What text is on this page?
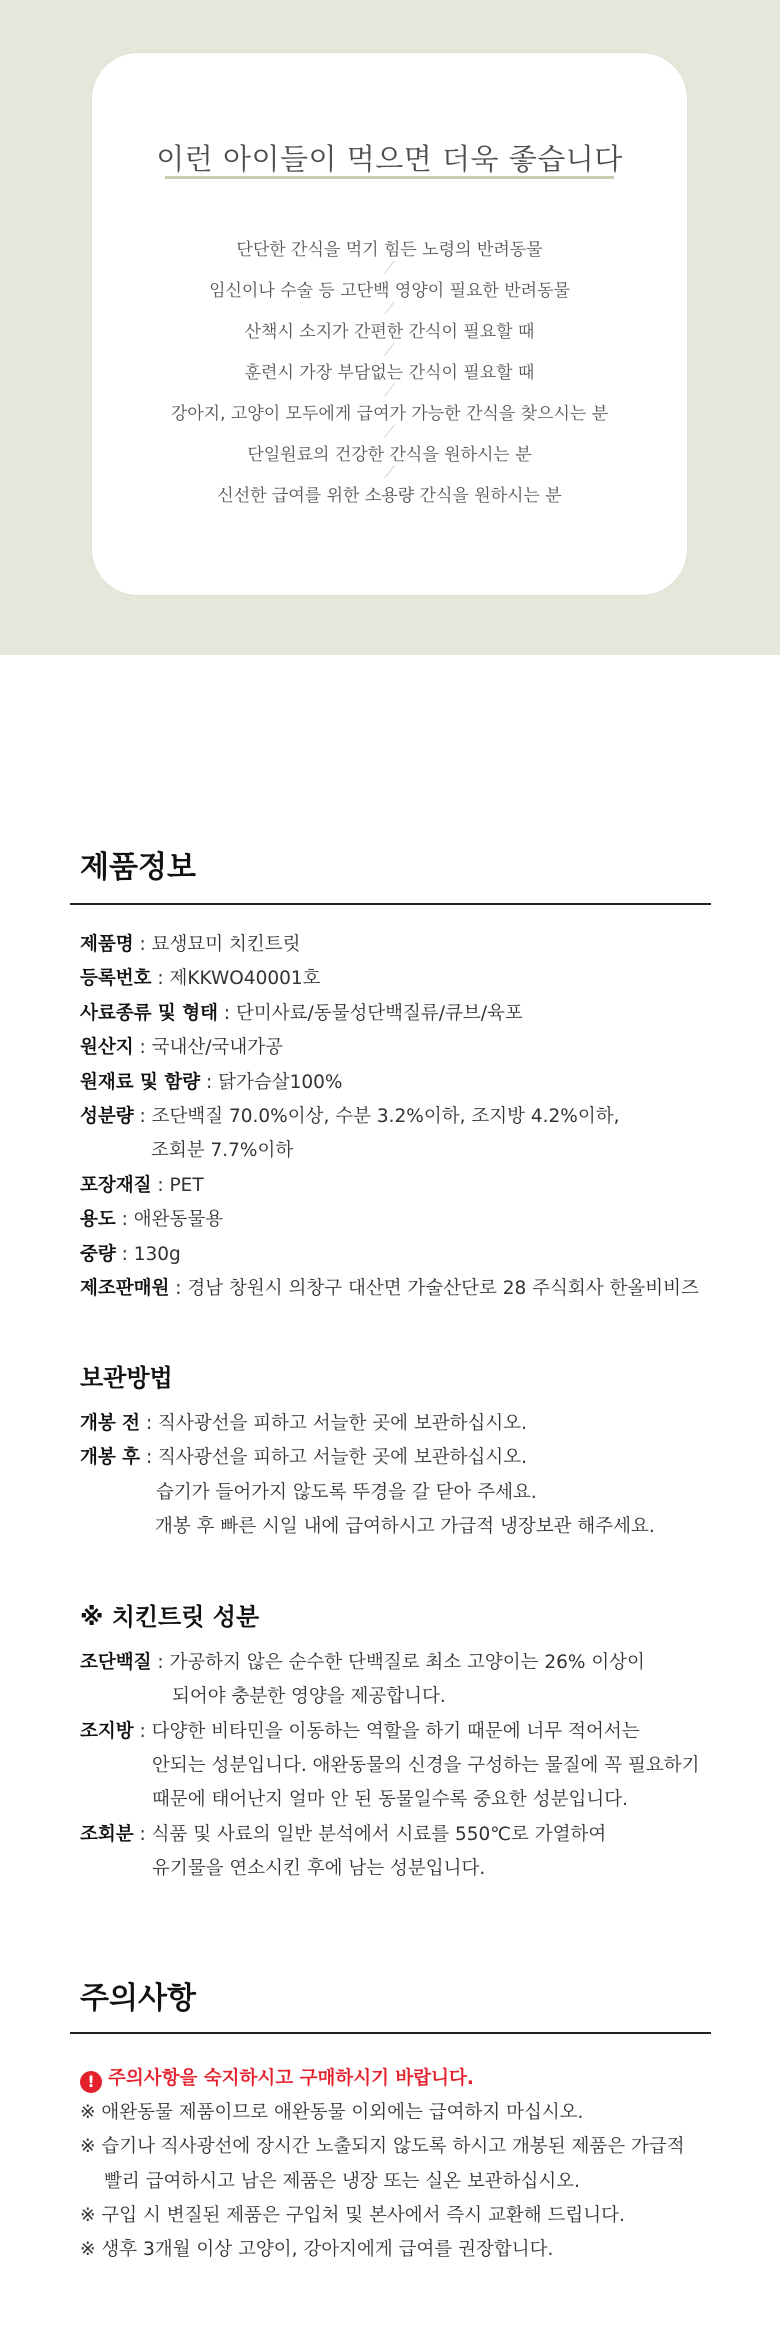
이런 아이들이 먹으면 더욱 좋습니다
단단한 간식을 먹기 힘든 노령의 반려동물
임신이나 수술 등 고단백 영양이 필요한 반려동물
산책시 소지가 간편한 간식이 필요할 때
훈련시 가장 부담없는 간식이 필요할 때
강아지, 고양이 모두에게 급여가 가능한 간식을 찾으시는 분
단일원료의 건강한 간식을 원하시는 분
신선한 급여를 위한 소용량 간식을 원하시는 분
제품정보
제품명 : 묘생묘미 치킨트릿
등록번호 : 제KKWO40001호
사료종류 및 형태 : 단미사료/동물성단백질류/큐브/육포
원산지 : 국내산/국내가공
원재료 및 함량 : 닭가슴살100%
성분량 : 조단백질 70.0%이상, 수분 3.2%이하, 조지방 4.2%이하,
조회분 7.7%이하
포장재질 : PET
용도 : 애완동물용
중량 : 130g
제조판매원 : 경남 창원시 의창구 대산면 가술산단로 28 주식회사 한올비비즈
보관방법
개봉 전 : 직사광선을 피하고 서늘한 곳에 보관하십시오.
개봉 후 : 직사광선을 피하고 서늘한 곳에 보관하십시오.
습기가 들어가지 않도록 뚜경을 갈 닫아 주세요.
개봉 후 빠른 시일 내에 급여하시고 가급적 냉장보관 해주세요.
※ 치킨트릿 성분
조단백질 : 가공하지 않은 순수한 단백질로 최소 고양이는 26% 이상이
되어야 충분한 영양을 제공합니다.
조지방 : 다양한 비타민을 이동하는 역할을 하기 때문에 너무 적어서는
안되는 성분입니다. 애완동물의 신경을 구성하는 물질에 꼭 필요하기
때문에 태어난지 얼마 안 된 동물일수록 중요한 성분입니다.
조회분 : 식품 및 사료의 일반 분석에서 시료를 550℃로 가열하여
유기물을 연소시킨 후에 남는 성분입니다.
주의사항
! 주의사항을 숙지하시고 구매하시기 바랍니다.
※ 애완동물 제품이므로 애완동물 이외에는 급여하지 마십시오.
※ 습기나 직사광선에 장시간 노출되지 않도록 하시고 개봉된 제품은 가급적
빨리 급여하시고 남은 제품은 냉장 또는 실온 보관하십시오.
※ 구입 시 변질된 제품은 구입처 및 본사에서 즉시 교환해 드립니다.
※ 생후 3개월 이상 고양이, 강아지에게 급여를 권장합니다.
